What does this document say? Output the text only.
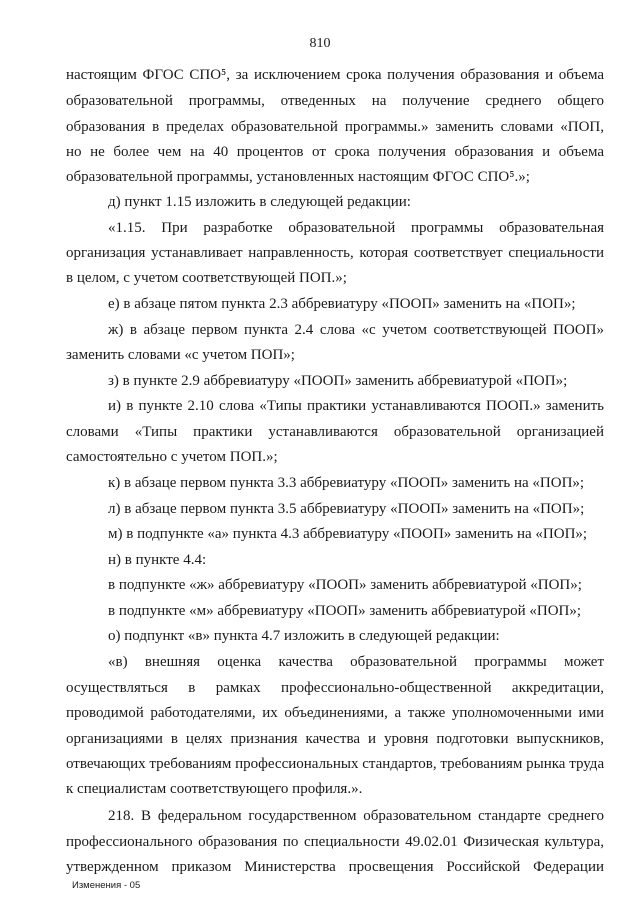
810
настоящим ФГОС СПО⁵, за исключением срока получения образования и объема
образовательной программы, отведенных на получение среднего общего
образования в пределах образовательной программы.» заменить словами «ПОП,
но не более чем на 40 процентов от срока получения образования и объема
образовательной программы, установленных настоящим ФГОС СПО⁵.»;
д) пункт 1.15 изложить в следующей редакции:
«1.15. При разработке образовательной программы образовательная
организация устанавливает направленность, которая соответствует специальности
в целом, с учетом соответствующей ПОП.»;
е) в абзаце пятом пункта 2.3 аббревиатуру «ПООП» заменить на «ПОП»;
ж) в абзаце первом пункта 2.4 слова «с учетом соответствующей ПООП»
заменить словами «с учетом ПОП»;
з) в пункте 2.9 аббревиатуру «ПООП» заменить аббревиатурой «ПОП»;
и) в пункте 2.10 слова «Типы практики устанавливаются ПООП.» заменить
словами «Типы практики устанавливаются образовательной организацией
самостоятельно с учетом ПОП.»;
к) в абзаце первом пункта 3.3 аббревиатуру «ПООП» заменить на «ПОП»;
л) в абзаце первом пункта 3.5 аббревиатуру «ПООП» заменить на «ПОП»;
м) в подпункте «а» пункта 4.3 аббревиатуру «ПООП» заменить на «ПОП»;
н) в пункте 4.4:
в подпункте «ж» аббревиатуру «ПООП» заменить аббревиатурой «ПОП»;
в подпункте «м» аббревиатуру «ПООП» заменить аббревиатурой «ПОП»;
о) подпункт «в» пункта 4.7 изложить в следующей редакции:
«в) внешняя оценка качества образовательной программы может
осуществляться в рамках профессионально-общественной аккредитации,
проводимой работодателями, их объединениями, а также уполномоченными ими
организациями в целях признания качества и уровня подготовки выпускников,
отвечающих требованиям профессиональных стандартов, требованиям рынка труда
к специалистам соответствующего профиля.».
218. В федеральном государственном образовательном стандарте среднего
профессионального образования по специальности 49.02.01 Физическая культура,
утвержденном приказом Министерства просвещения Российской Федерации
Изменения - 05
